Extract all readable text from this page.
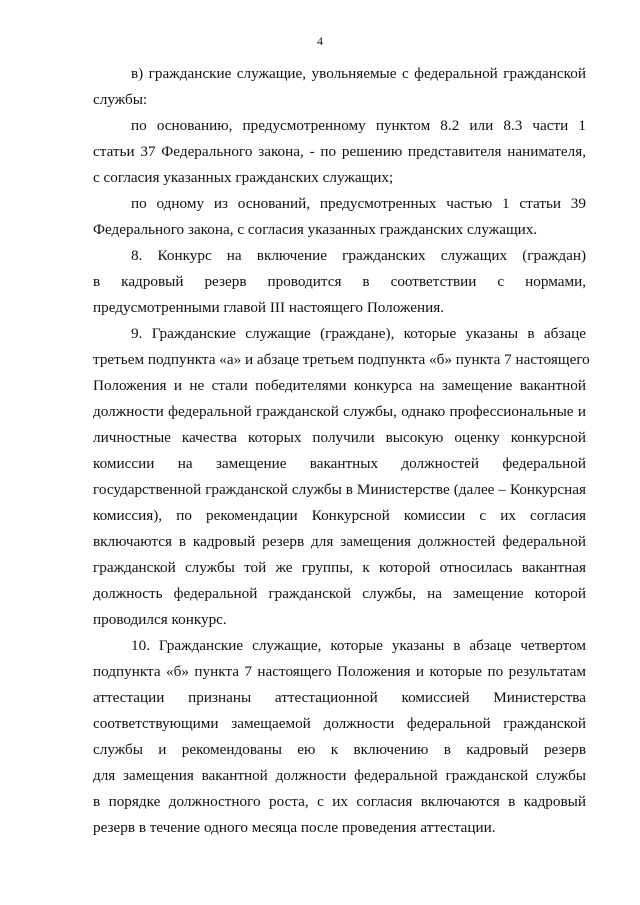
4
в) гражданские служащие, увольняемые с федеральной гражданской
службы:
по основанию, предусмотренному пунктом 8.2 или 8.3 части 1
статьи 37 Федерального закона, - по решению представителя нанимателя,
с согласия указанных гражданских служащих;
по одному из оснований, предусмотренных частью 1 статьи 39
Федерального закона, с согласия указанных гражданских служащих.
8. Конкурс на включение гражданских служащих (граждан)
в кадровый резерв проводится в соответствии с нормами,
предусмотренными главой III настоящего Положения.
9. Гражданские служащие (граждане), которые указаны в абзаце
третьем подпункта «а» и абзаце третьем подпункта «б» пункта 7 настоящего
Положения и не стали победителями конкурса на замещение вакантной
должности федеральной гражданской службы, однако профессиональные и
личностные качества которых получили высокую оценку конкурсной
комиссии на замещение вакантных должностей федеральной
государственной гражданской службы в Министерстве (далее – Конкурсная
комиссия), по рекомендации Конкурсной комиссии с их согласия
включаются в кадровый резерв для замещения должностей федеральной
гражданской службы той же группы, к которой относилась вакантная
должность федеральной гражданской службы, на замещение которой
проводился конкурс.
10. Гражданские служащие, которые указаны в абзаце четвертом
подпункта «б» пункта 7 настоящего Положения и которые по результатам
аттестации признаны аттестационной комиссией Министерства
соответствующими замещаемой должности федеральной гражданской
службы и рекомендованы ею к включению в кадровый резерв
для замещения вакантной должности федеральной гражданской службы
в порядке должностного роста, с их согласия включаются в кадровый
резерв в течение одного месяца после проведения аттестации.
